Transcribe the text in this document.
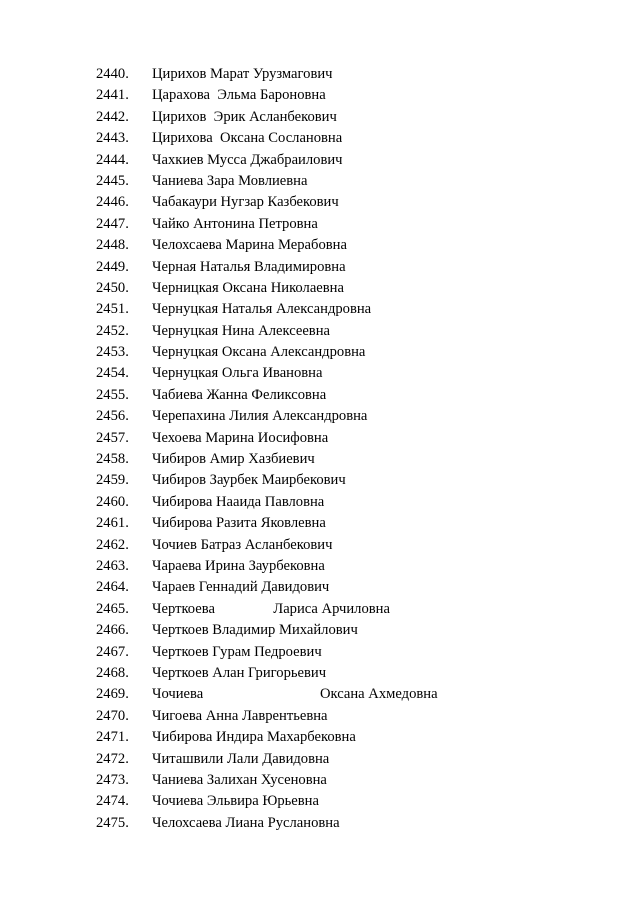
2440. Цирихов Марат Урузмагович
2441. Царахова  Эльма Бароновна
2442. Цирихов  Эрик Асланбекович
2443. Цирихова  Оксана Сослановна
2444. Чахкиев Мусса Джабраилович
2445. Чаниева Зара Мовлиевна
2446. Чабакаури Нугзар Казбекович
2447. Чайко Антонина Петровна
2448. Челохсаева Марина Мерабовна
2449. Черная Наталья Владимировна
2450. Черницкая Оксана Николаевна
2451. Чернуцкая Наталья Александровна
2452. Чернуцкая Нина Алексеевна
2453. Чернуцкая Оксана Александровна
2454. Чернуцкая Ольга Ивановна
2455. Чабиева Жанна Феликсовна
2456. Черепахина Лилия Александровна
2457. Чехоева Марина Иосифовна
2458. Чибиров Амир Хазбиевич
2459. Чибиров Заурбек Маирбекович
2460. Чибирова Нааида Павловна
2461. Чибирова Разита Яковлевна
2462. Чочиев Батраз Асланбекович
2463. Чараева Ирина Заурбековна
2464. Чараев Геннадий Давидович
2465. Черткоева                Лариса Арчиловна
2466. Черткоев Владимир Михайлович
2467. Черткоев Гурам Педроевич
2468. Черткоев Алан Григорьевич
2469. Чочиева                                Оксана Ахмедовна
2470. Чигоева Анна Лаврентьевна
2471. Чибирова Индира Махарбековна
2472. Читашвили Лали Давидовна
2473. Чаниева Залихан Хусеновна
2474. Чочиева Эльвира Юрьевна
2475. Челохсаева Лиана Руслановна
